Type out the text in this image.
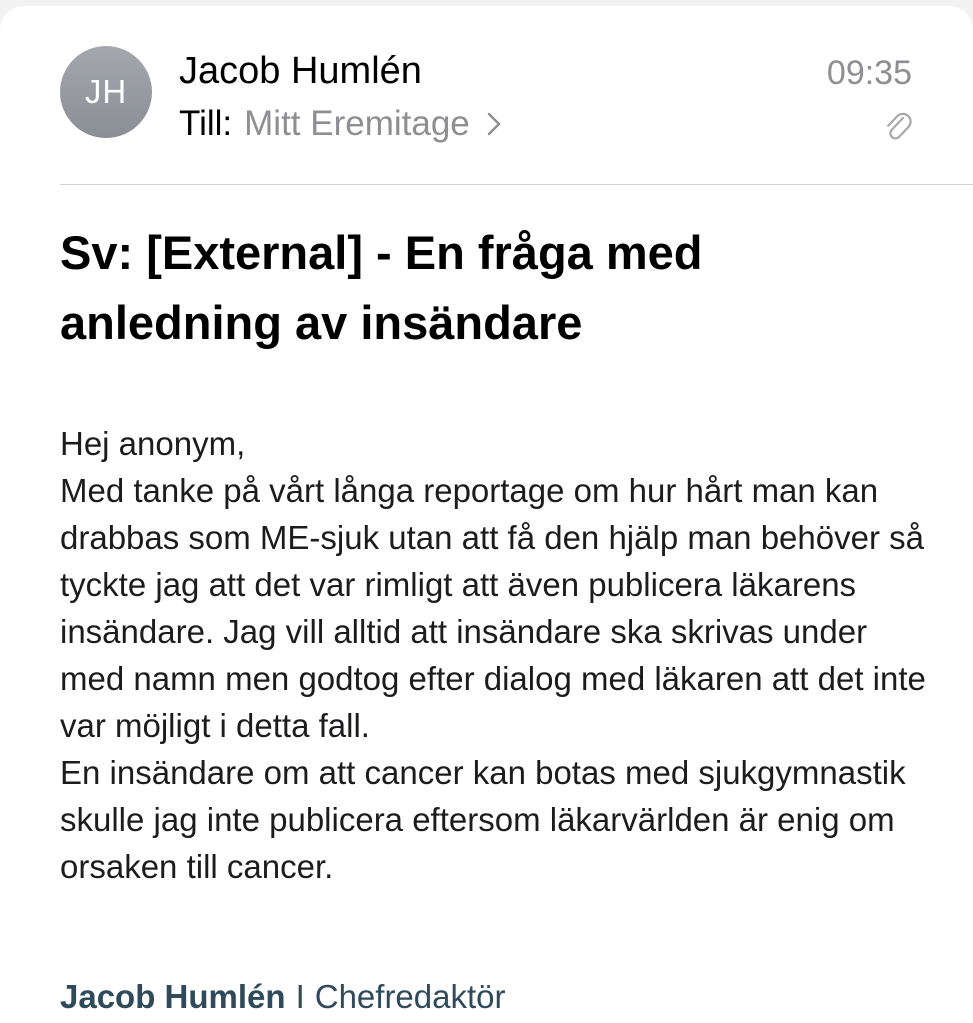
JH Jacob Humlén
Till: Mitt Eremitage
09:35
Sv: [External] - En fråga med anledning av insändare

Hej anonym,

Med tanke på vårt långa reportage om hur hårt man kan drabbas som ME-sjuk utan att få den hjälp man behöver så tyckte jag att det var rimligt att även publicera läkarens insändare. Jag vill alltid att insändare ska skrivas under med namn men godtog efter dialog med läkaren att det inte var möjligt i detta fall.

En insändare om att cancer kan botas med sjukgymnastik skulle jag inte publicera eftersom läkarvärlden är enig om orsaken till cancer.

Jacob Humlén I Chefredaktör
